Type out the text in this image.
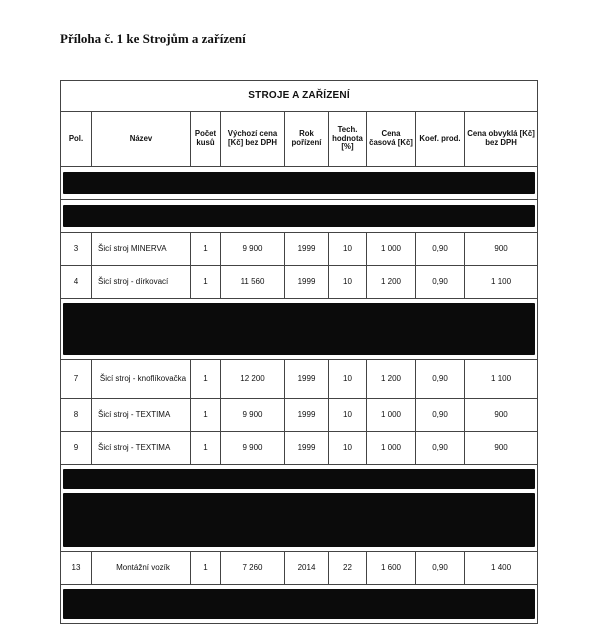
Příloha č. 1 ke Strojům a zařízení
STROJE A ZAŘÍZENÍ								
Pol.	Název	Počet kusů	Výchozí cena [Kč] bez DPH	Rok pořízení	Tech. hodnota [%]	Cena časová [Kč]	Koef. prod.	Cena obvyklá [Kč] bez DPH

3	Šicí stroj MINERVA	1	9 900	1999	10	1 000	0,90	900
4	Šicí stroj - dírkovací	1	11 560	1999	10	1 200	0,90	1 100

7	Šicí stroj - knoflíkovačka	1	12 200	1999	10	1 200	0,90	1 100
8	Šicí stroj - TEXTIMA	1	9 900	1999	10	1 000	0,90	900
9	Šicí stroj - TEXTIMA	1	9 900	1999	10	1 000	0,90	900

13	Montážní vozík	1	7 260	2014	22	1 600	0,90	1 400
